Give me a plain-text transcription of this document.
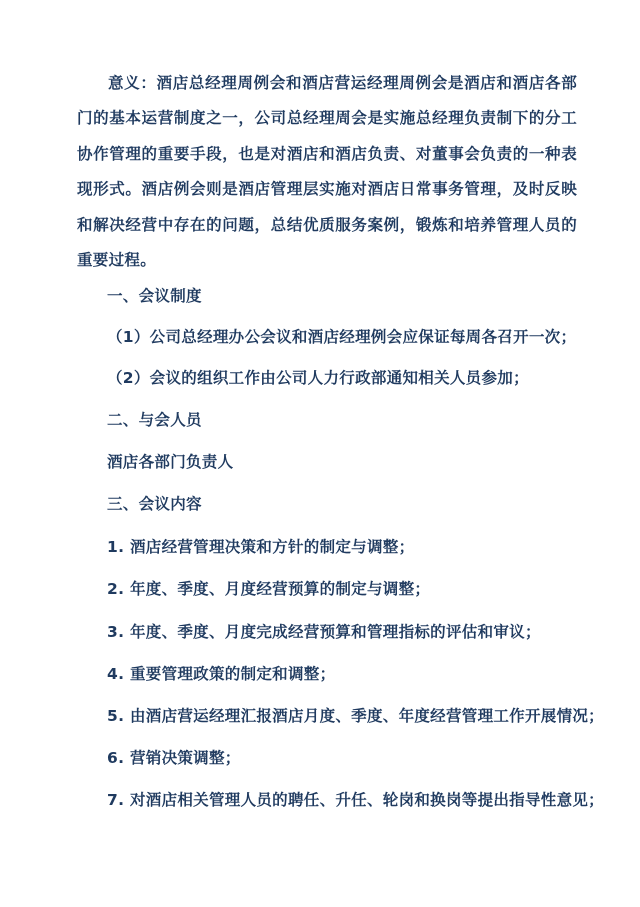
意义：酒店总经理周例会和酒店营运经理周例会是酒店和酒店各部门的基本运营制度之一，公司总经理周会是实施总经理负责制下的分工协作管理的重要手段，也是对酒店和酒店负责、对董事会负责的一种表现形式。酒店例会则是酒店管理层实施对酒店日常事务管理，及时反映和解决经营中存在的问题，总结优质服务案例，锻炼和培养管理人员的重要过程。

一、会议制度

（1）公司总经理办公会议和酒店经理例会应保证每周各召开一次；

（2）会议的组织工作由公司人力行政部通知相关人员参加；

二、与会人员

酒店各部门负责人

三、会议内容

1. 酒店经营管理决策和方针的制定与调整；

2. 年度、季度、月度经营预算的制定与调整；

3. 年度、季度、月度完成经营预算和管理指标的评估和审议；

4. 重要管理政策的制定和调整；

5. 由酒店营运经理汇报酒店月度、季度、年度经营管理工作开展情况；

6. 营销决策调整；

7. 对酒店相关管理人员的聘任、升任、轮岗和换岗等提出指导性意见；
